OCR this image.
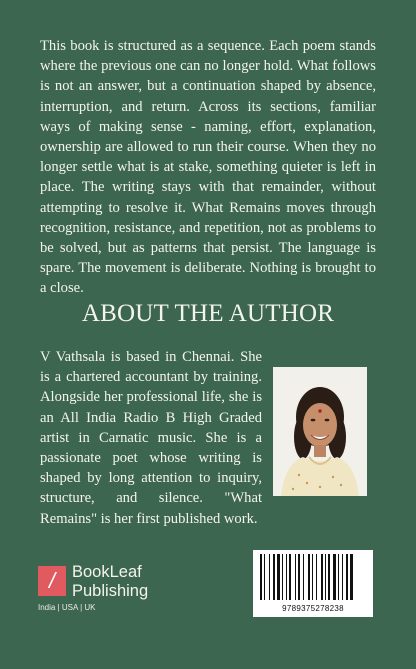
This book is structured as a sequence. Each poem stands where the previous one can no longer hold. What follows is not an answer, but a continuation shaped by absence, interruption, and return. Across its sections, familiar ways of making sense - naming, effort, explanation, ownership are allowed to run their course. When they no longer settle what is at stake, something quieter is left in place. The writing stays with that remainder, without attempting to resolve it. What Remains moves through recognition, resistance, and repetition, not as problems to be solved, but as patterns that persist. The language is spare. The movement is deliberate. Nothing is brought to a close.

ABOUT THE AUTHOR

V Vathsala is based in Chennai. She is a chartered accountant by training. Alongside her professional life, she is an All India Radio B High Graded artist in Carnatic music. She is a passionate poet whose writing is shaped by long attention to inquiry, structure, and silence. "What Remains" is her first published work.

/	BookLeaf
Publishing
India | USA | UK	9789375278238
